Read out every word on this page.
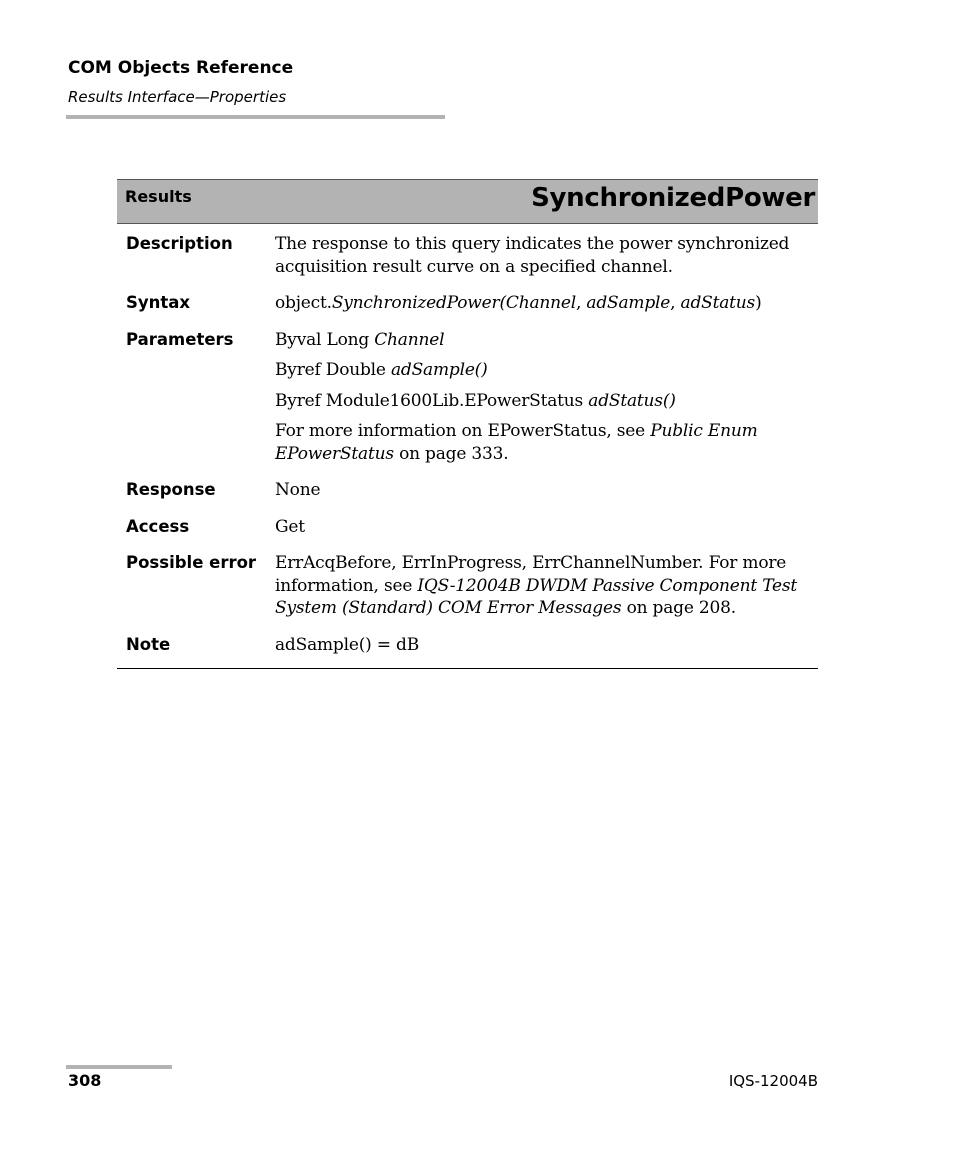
COM Objects Reference
Results Interface—Properties
Results	SynchronizedPower
Description	The response to this query indicates the power synchronized acquisition result curve on a specified channel.
Syntax	object.SynchronizedPower(Channel, adSample, adStatus)
Parameters	Byval Long Channel
Byref Double adSample()
Byref Module1600Lib.EPowerStatus adStatus()
For more information on EPowerStatus, see Public Enum EPowerStatus on page 333.

Response	None
Access	Get
Possible error	ErrAcqBefore, ErrInProgress, ErrChannelNumber. For more information, see IQS-12004B DWDM Passive Component Test System (Standard) COM Error Messages on page 208.
Note	adSample() = dB
308	IQS-12004B
